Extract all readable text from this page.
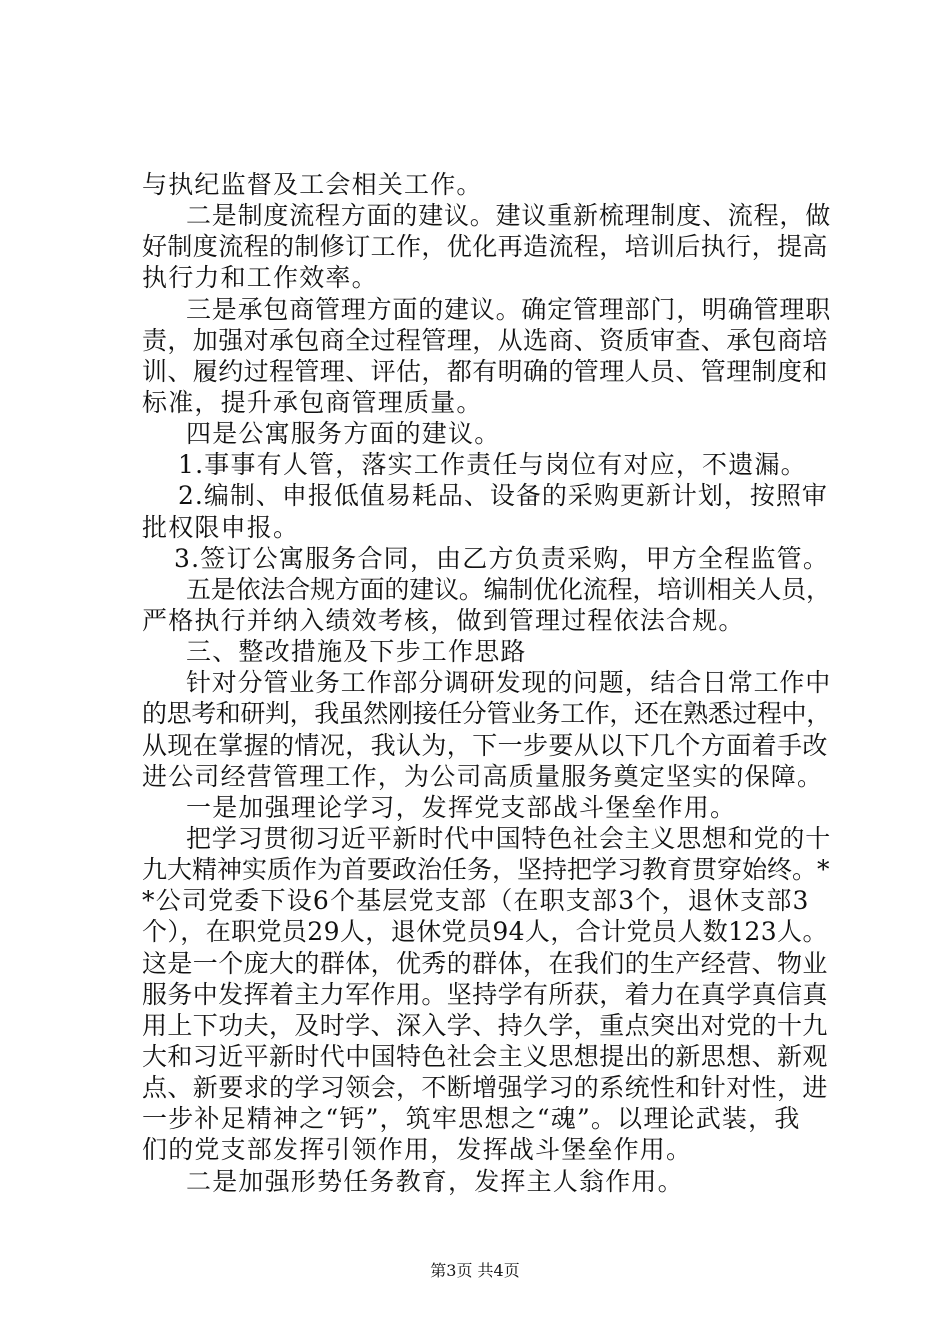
与执纪监督及工会相关工作。
二是制度流程方面的建议。建议重新梳理制度、流程，做
好制度流程的制修订工作，优化再造流程，培训后执行，提高
执行力和工作效率。
三是承包商管理方面的建议。确定管理部门，明确管理职
责，加强对承包商全过程管理，从选商、资质审查、承包商培
训、履约过程管理、评估，都有明确的管理人员、管理制度和
标准，提升承包商管理质量。
四是公寓服务方面的建议。
1.事事有人管，落实工作责任与岗位有对应，不遗漏。
2.编制、申报低值易耗品、设备的采购更新计划，按照审
批权限申报。
3.签订公寓服务合同，由乙方负责采购，甲方全程监管。
五是依法合规方面的建议。编制优化流程，培训相关人员，
严格执行并纳入绩效考核，做到管理过程依法合规。
三、整改措施及下步工作思路
针对分管业务工作部分调研发现的问题，结合日常工作中
的思考和研判，我虽然刚接任分管业务工作，还在熟悉过程中，
从现在掌握的情况，我认为，下一步要从以下几个方面着手改
进公司经营管理工作，为公司高质量服务奠定坚实的保障。
一是加强理论学习，发挥党支部战斗堡垒作用。
把学习贯彻习近平新时代中国特色社会主义思想和党的十
九大精神实质作为首要政治任务，坚持把学习教育贯穿始终。*
*公司党委下设6个基层党支部（在职支部3个，退休支部3
个），在职党员29人，退休党员94人，合计党员人数123人。
这是一个庞大的群体，优秀的群体，在我们的生产经营、物业
服务中发挥着主力军作用。坚持学有所获，着力在真学真信真
用上下功夫，及时学、深入学、持久学，重点突出对党的十九
大和习近平新时代中国特色社会主义思想提出的新思想、新观
点、新要求的学习领会，不断增强学习的系统性和针对性，进
一步补足精神之“钙”，筑牢思想之“魂”。以理论武装，我
们的党支部发挥引领作用，发挥战斗堡垒作用。
二是加强形势任务教育，发挥主人翁作用。
第3页 共4页
